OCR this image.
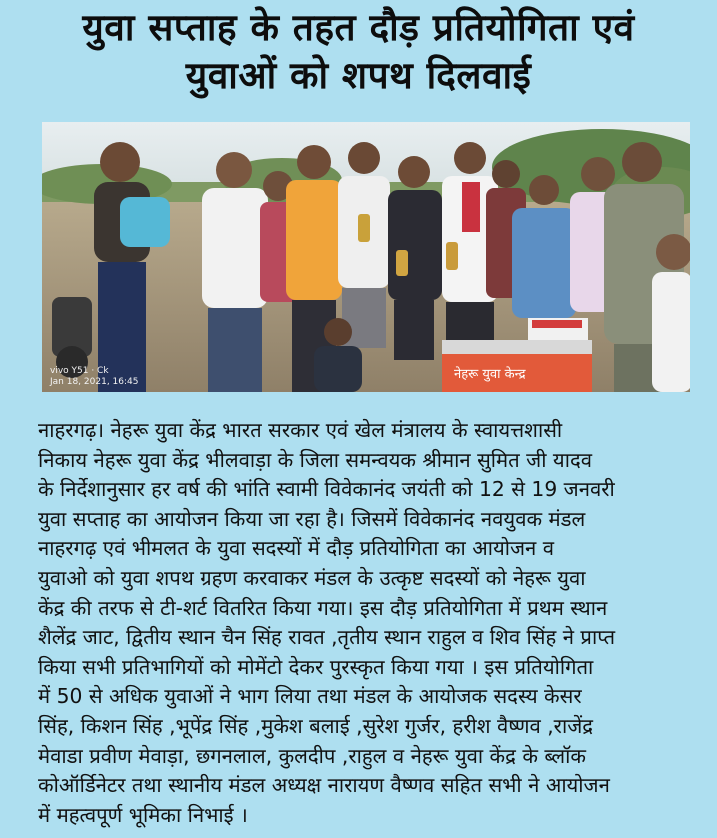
युवा सप्ताह के तहत दौड़ प्रतियोगिता एवं
युवाओं को शपथ दिलवाई
नेहरू युवा केन्द्र
vivo Y51 · Ck
Jan 18, 2021, 16:45
नाहरगढ़। नेहरू युवा केंद्र भारत सरकार एवं खेल मंत्रालय के स्वायत्तशासी
निकाय नेहरू युवा केंद्र भीलवाड़ा के जिला समन्वयक श्रीमान सुमित जी यादव
के निर्देशानुसार हर वर्ष की भांति स्वामी विवेकानंद जयंती को 12 से 19 जनवरी
युवा सप्ताह का आयोजन किया जा रहा है। जिसमें विवेकानंद नवयुवक मंडल
नाहरगढ़ एवं भीमलत के युवा सदस्यों में दौड़ प्रतियोगिता का आयोजन व
युवाओ को युवा शपथ ग्रहण करवाकर मंडल के उत्कृष्ट सदस्यों को नेहरू युवा
केंद्र की तरफ से टी-शर्ट वितरित किया गया। इस दौड़ प्रतियोगिता में प्रथम स्थान
शैलेंद्र जाट, द्वितीय स्थान चैन सिंह रावत ,तृतीय स्थान राहुल व शिव सिंह ने प्राप्त
किया सभी प्रतिभागियों को मोमेंटो देकर पुरस्कृत किया गया । इस प्रतियोगिता
में 50 से अधिक युवाओं ने भाग लिया तथा मंडल के आयोजक सदस्य केसर
सिंह, किशन सिंह ,भूपेंद्र सिंह ,मुकेश बलाई ,सुरेश गुर्जर, हरीश वैष्णव ,राजेंद्र
मेवाडा प्रवीण मेवाड़ा, छगनलाल, कुलदीप ,राहुल व नेहरू युवा केंद्र के ब्लॉक
कोऑर्डिनेटर तथा स्थानीय मंडल अध्यक्ष नारायण वैष्णव सहित सभी ने आयोजन
में महत्वपूर्ण भूमिका निभाई ।
